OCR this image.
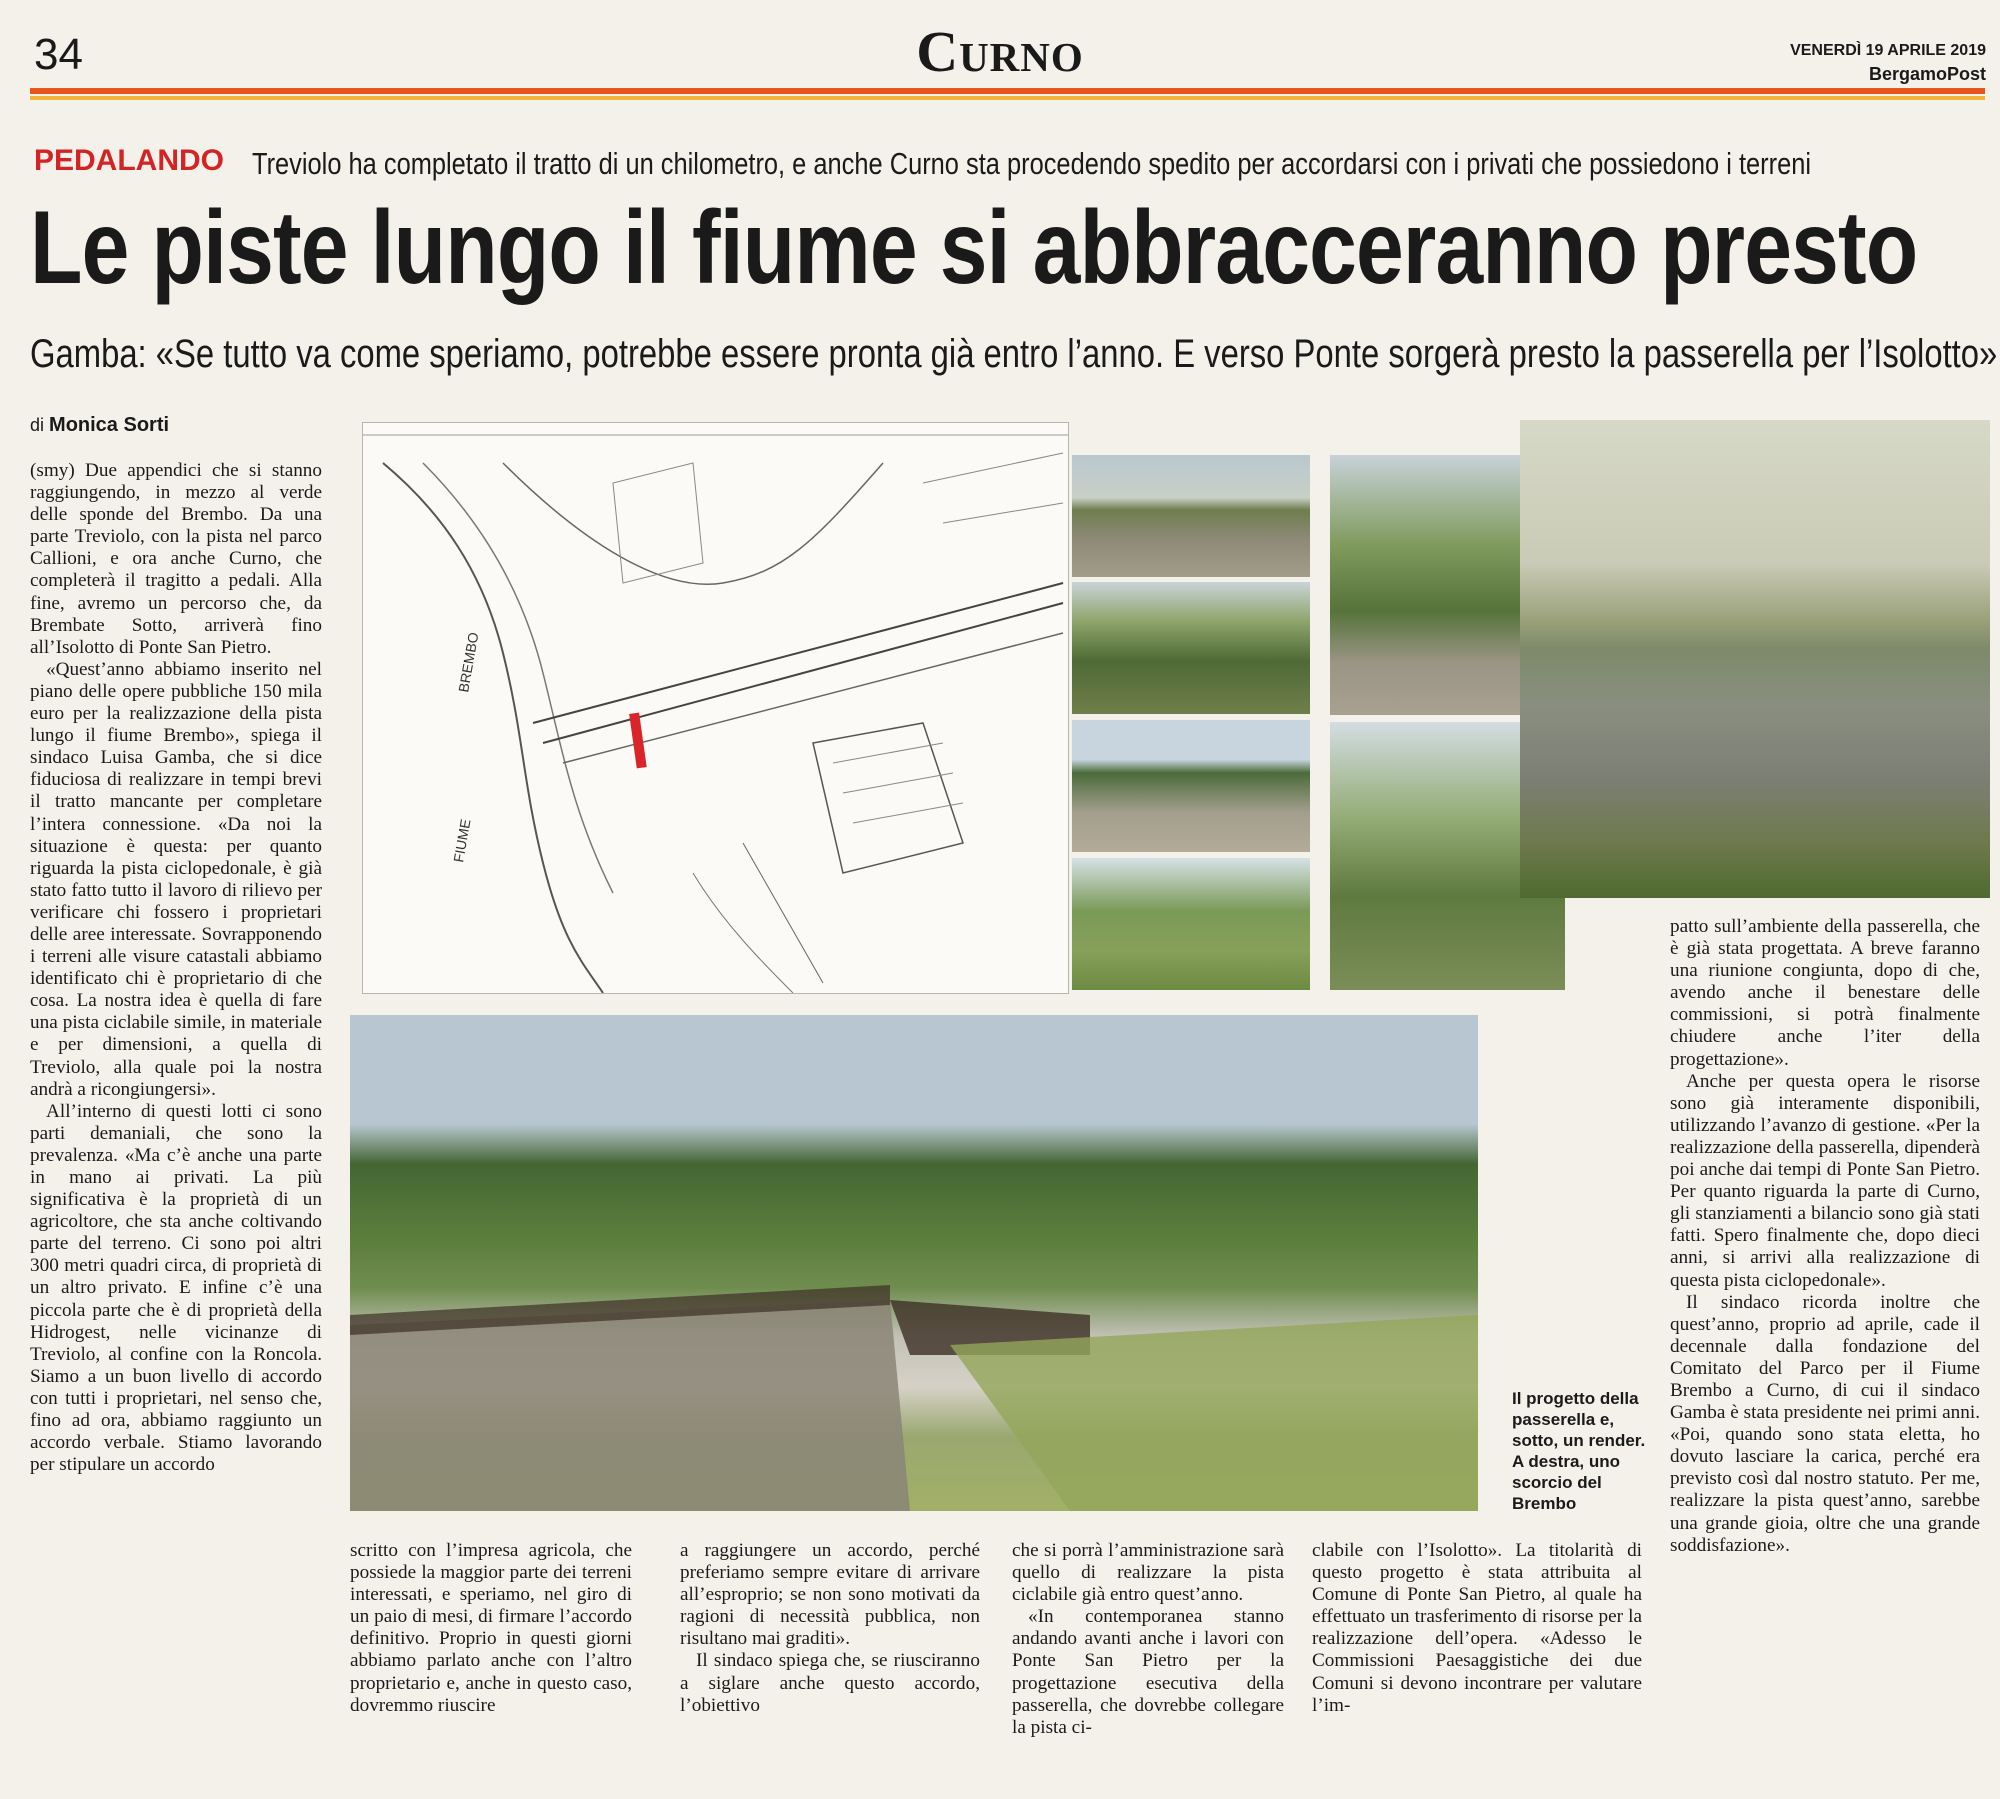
34	Curno	VENERDÌ 19 APRILE 2019
BergamoPost
PEDALANDO Treviolo ha completato il tratto di un chilometro, e anche Curno sta procedendo spedito per accordarsi con i privati che possiedono i terreni
Le piste lungo il fiume si abbracceranno presto
Gamba: «Se tutto va come speriamo, potrebbe essere pronta già entro l’anno. E verso Ponte sorgerà presto la passerella per l’Isolotto»
di Monica Sorti

(smy) Due appendici che si stanno raggiungendo, in mezzo al verde delle sponde del Brembo. Da una parte Treviolo, con la pista nel parco Callioni, e ora anche Curno, che completerà il tragitto a pedali. Alla fine, avremo un percorso che, da Brembate Sotto, arriverà fino all’Isolotto di Ponte San Pietro.

«Quest’anno abbiamo inserito nel piano delle opere pubbliche 150 mila euro per la realizzazione della pista lungo il fiume Brembo», spiega il sindaco Luisa Gamba, che si dice fiduciosa di realizzare in tempi brevi il tratto mancante per completare l’intera connessione. «Da noi la situazione è questa: per quanto riguarda la pista ciclopedonale, è già stato fatto tutto il lavoro di rilievo per verificare chi fossero i proprietari delle aree interessate. Sovrapponendo i terreni alle visure catastali abbiamo identificato chi è proprietario di che cosa. La nostra idea è quella di fare una pista ciclabile simile, in materiale e per dimensioni, a quella di Treviolo, alla quale poi la nostra andrà a ricongiungersi».

All’interno di questi lotti ci sono parti demaniali, che sono la prevalenza. «Ma c’è anche una parte in mano ai privati. La più significativa è la proprietà di un agricoltore, che sta anche coltivando parte del terreno. Ci sono poi altri 300 metri quadri circa, di proprietà di un altro privato. E infine c’è una piccola parte che è di proprietà della Hidrogest, nelle vicinanze di Treviolo, al confine con la Roncola. Siamo a un buon livello di accordo con tutti i proprietari, nel senso che, fino ad ora, abbiamo raggiunto un accordo verbale. Stiamo lavorando per stipulare un accordo

scritto con l’impresa agricola, che possiede la maggior parte dei terreni interessati, e speriamo, nel giro di un paio di mesi, di firmare l’accordo definitivo. Proprio in questi giorni abbiamo parlato anche con l’altro proprietario e, anche in questo caso, dovremmo riuscire

a raggiungere un accordo, perché preferiamo sempre evitare di arrivare all’esproprio; se non sono motivati da ragioni di necessità pubblica, non risultano mai graditi».

Il sindaco spiega che, se riusciranno a siglare anche questo accordo, l’obiettivo

che si porrà l’amministrazione sarà quello di realizzare la pista ciclabile già entro quest’anno.

«In contemporanea stanno andando avanti anche i lavori con Ponte San Pietro per la progettazione esecutiva della passerella, che dovrebbe collegare la pista ci-

clabile con l’Isolotto». La titolarità di questo progetto è stata attribuita al Comune di Ponte San Pietro, al quale ha effettuato un trasferimento di risorse per la realizzazione dell’opera. «Adesso le Commissioni Paesaggistiche dei due Comuni si devono incontrare per valutare l’im-

patto sull’ambiente della passerella, che è già stata progettata. A breve faranno una riunione congiunta, dopo di che, avendo anche il benestare delle commissioni, si potrà finalmente chiudere anche l’iter della progettazione».

Anche per questa opera le risorse sono già interamente disponibili, utilizzando l’avanzo di gestione. «Per la realizzazione della passerella, dipenderà poi anche dai tempi di Ponte San Pietro. Per quanto riguarda la parte di Curno, gli stanziamenti a bilancio sono già stati fatti. Spero finalmente che, dopo dieci anni, si arrivi alla realizzazione di questa pista ciclopedonale».

Il sindaco ricorda inoltre che quest’anno, proprio ad aprile, cade il decennale dalla fondazione del Comitato del Parco per il Fiume Brembo a Curno, di cui il sindaco Gamba è stata presidente nei primi anni. «Poi, quando sono stata eletta, ho dovuto lasciare la carica, perché era previsto così dal nostro statuto. Per me, realizzare la pista quest’anno, sarebbe una grande gioia, oltre che una grande soddisfazione».

BREMBO
FIUME
Il progetto della passerella e, sotto, un render. A destra, uno scorcio del Brembo
